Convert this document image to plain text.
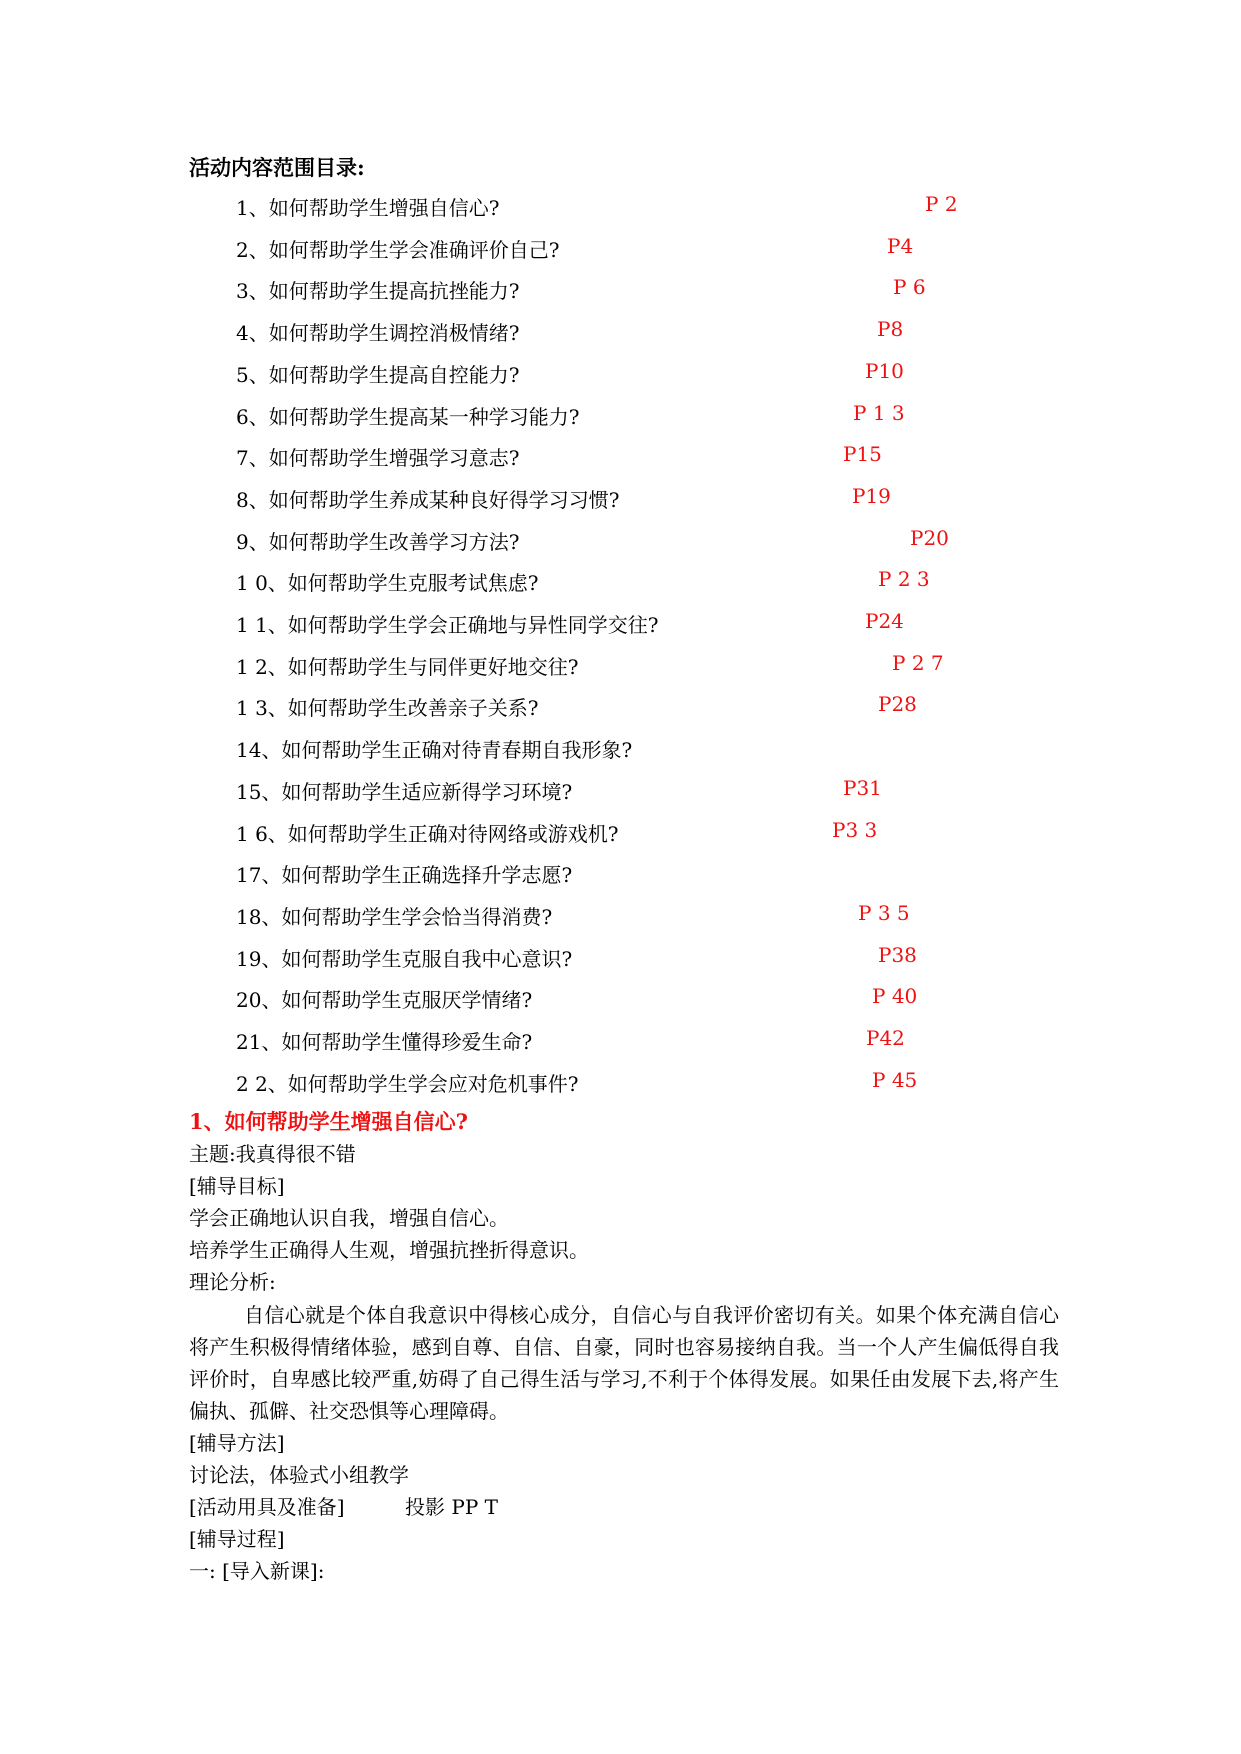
活动内容范围目录:
1、如何帮助学生增强自信心?	P 2
2、如何帮助学生学会准确评价自己?	P4
3、如何帮助学生提高抗挫能力?	P 6
4、如何帮助学生调控消极情绪?	P8
5、如何帮助学生提高自控能力?	P10
6、如何帮助学生提高某一种学习能力?	P 1 3
7、如何帮助学生增强学习意志?	P15
8、如何帮助学生养成某种良好得学习习惯?	P19
9、如何帮助学生改善学习方法?	P20
1 0、如何帮助学生克服考试焦虑?	P 2 3
1 1、如何帮助学生学会正确地与异性同学交往?	P24
1 2、如何帮助学生与同伴更好地交往?	P 2 7
1 3、如何帮助学生改善亲子关系?	P28
14、如何帮助学生正确对待青春期自我形象?
15、如何帮助学生适应新得学习环境?	P31
1 6、如何帮助学生正确对待网络或游戏机?	P3 3
17、如何帮助学生正确选择升学志愿?
18、如何帮助学生学会恰当得消费?	P 3 5
19、如何帮助学生克服自我中心意识?	P38
20、如何帮助学生克服厌学情绪?	P 40
21、如何帮助学生懂得珍爱生命?	P42
2 2、如何帮助学生学会应对危机事件?	P 45
1、如何帮助学生增强自信心?
主题:我真得很不错
[辅导目标]
学会正确地认识自我，增强自信心。
培养学生正确得人生观，增强抗挫折得意识。
理论分析:
自信心就是个体自我意识中得核心成分，自信心与自我评价密切有关。如果个体充满自信心将产生积极得情绪体验，感到自尊、自信、自豪，同时也容易接纳自我。当一个人产生偏低得自我评价时，自卑感比较严重,妨碍了自己得生活与学习,不利于个体得发展。如果任由发展下去,将产生偏执、孤僻、社交恐惧等心理障碍。
[辅导方法]
讨论法，体验式小组教学
[活动用具及准备]	投影 PP T
[辅导过程]
一: [导入新课]:
